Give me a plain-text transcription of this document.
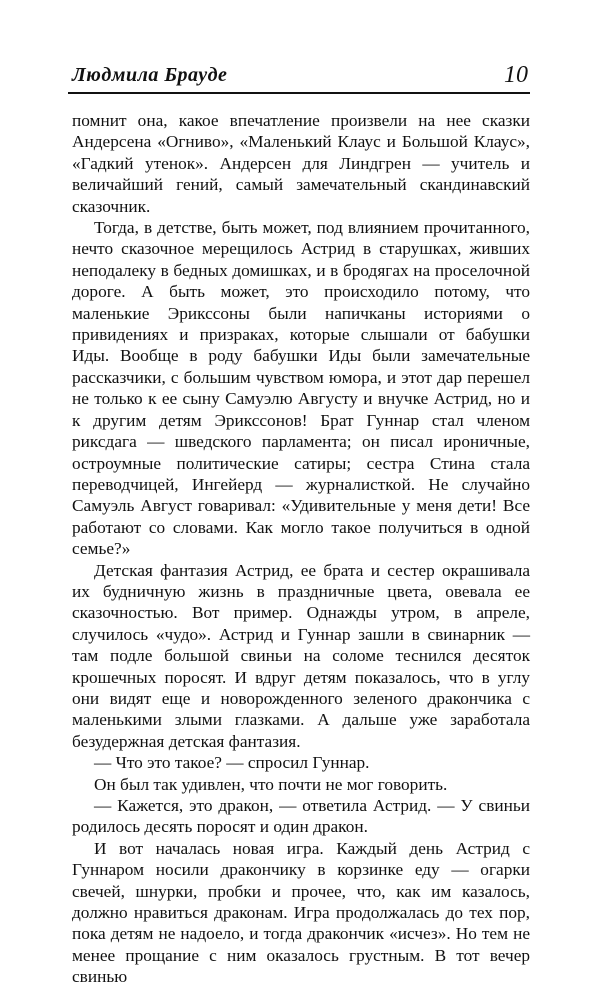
Людмила Брауде	10

помнит она, какое впечатление произвели на нее сказки Андерсена «Огниво», «Маленький Клаус и Большой Клаус», «Гадкий утенок». Андерсен для Линдгрен — учитель и величайший гений, самый замечательный скандинавский сказочник.

Тогда, в детстве, быть может, под влиянием прочитанного, нечто сказочное мерещилось Астрид в старушках, живших неподалеку в бедных домишках, и в бродягах на проселочной дороге. А быть может, это происходило потому, что маленькие Эрикссоны были напичканы историями о привидениях и призраках, которые слышали от бабушки Иды. Вообще в роду бабушки Иды были замечательные рассказчики, с большим чувством юмора, и этот дар перешел не только к ее сыну Самуэлю Августу и внучке Астрид, но и к другим детям Эрикссонов! Брат Гуннар стал членом риксдага — шведского парламента; он писал ироничные, остроумные политические сатиры; сестра Стина стала переводчицей, Ингейерд — журналисткой. Не случайно Самуэль Август говаривал: «Удивительные у меня дети! Все работают со словами. Как могло такое получиться в одной семье?»

Детская фантазия Астрид, ее брата и сестер окрашивала их будничную жизнь в праздничные цвета, овевала ее сказочностью. Вот пример. Однажды утром, в апреле, случилось «чудо». Астрид и Гуннар зашли в свинарник — там подле большой свиньи на соломе теснился десяток крошечных поросят. И вдруг детям показалось, что в углу они видят еще и новорожденного зеленого дракончика с маленькими злыми глазками. А дальше уже заработала безудержная детская фантазия.

— Что это такое? — спросил Гуннар.

Он был так удивлен, что почти не мог говорить.

— Кажется, это дракон, — ответила Астрид. — У свиньи родилось десять поросят и один дракон.

И вот началась новая игра. Каждый день Астрид с Гуннаром носили дракончику в корзинке еду — огарки свечей, шнурки, пробки и прочее, что, как им казалось, должно нравиться драконам. Игра продолжалась до тех пор, пока детям не надоело, и тогда дракончик «исчез». Но тем не менее прощание с ним оказалось грустным. В тот вечер свинью
